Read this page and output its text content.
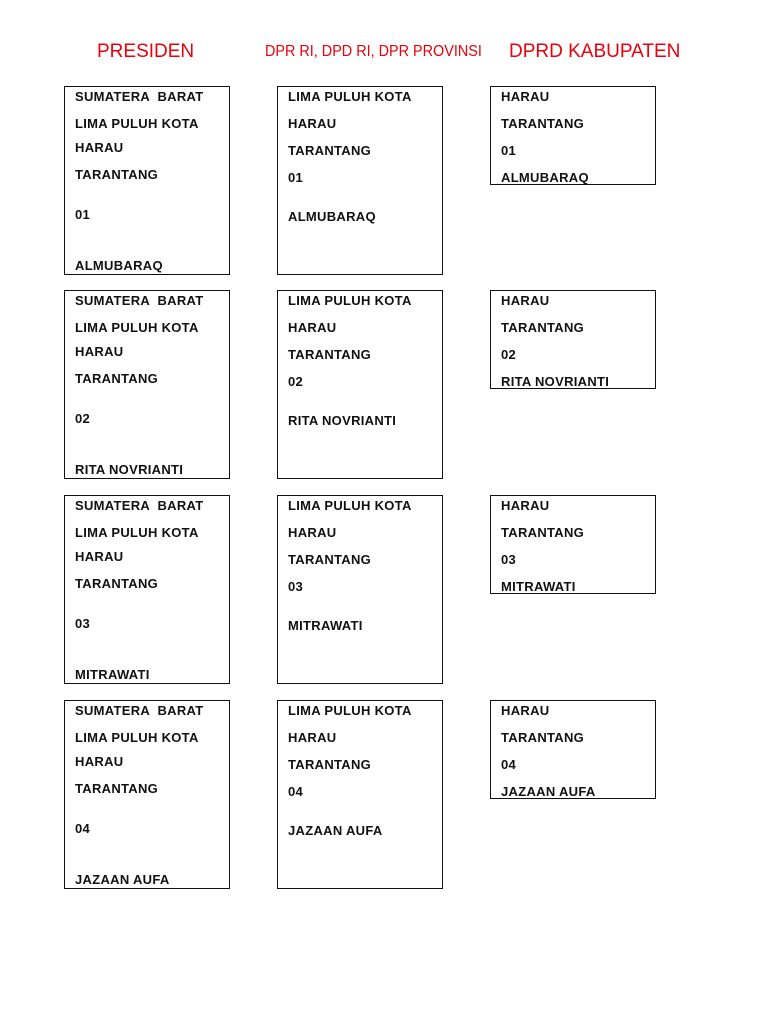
PRESIDEN	DPR RI, DPD RI, DPR PROVINSI DPRD KABUPATEN
SUMATERA  BARAT
LIMA PULUH KOTA
HARAU
TARANTANG
01
ALMUBARAQ
LIMA PULUH KOTA
HARAU
TARANTANG
01
ALMUBARAQ
HARAU
TARANTANG
01
ALMUBARAQ
SUMATERA  BARAT
LIMA PULUH KOTA
HARAU
TARANTANG
02
RITA NOVRIANTI
LIMA PULUH KOTA
HARAU
TARANTANG
02
RITA NOVRIANTI
HARAU
TARANTANG
02
RITA NOVRIANTI
SUMATERA  BARAT
LIMA PULUH KOTA
HARAU
TARANTANG
03
MITRAWATI
LIMA PULUH KOTA
HARAU
TARANTANG
03
MITRAWATI
HARAU
TARANTANG
03
MITRAWATI
SUMATERA  BARAT
LIMA PULUH KOTA
HARAU
TARANTANG
04
JAZAAN AUFA
LIMA PULUH KOTA
HARAU
TARANTANG
04
JAZAAN AUFA
HARAU
TARANTANG
04
JAZAAN AUFA
